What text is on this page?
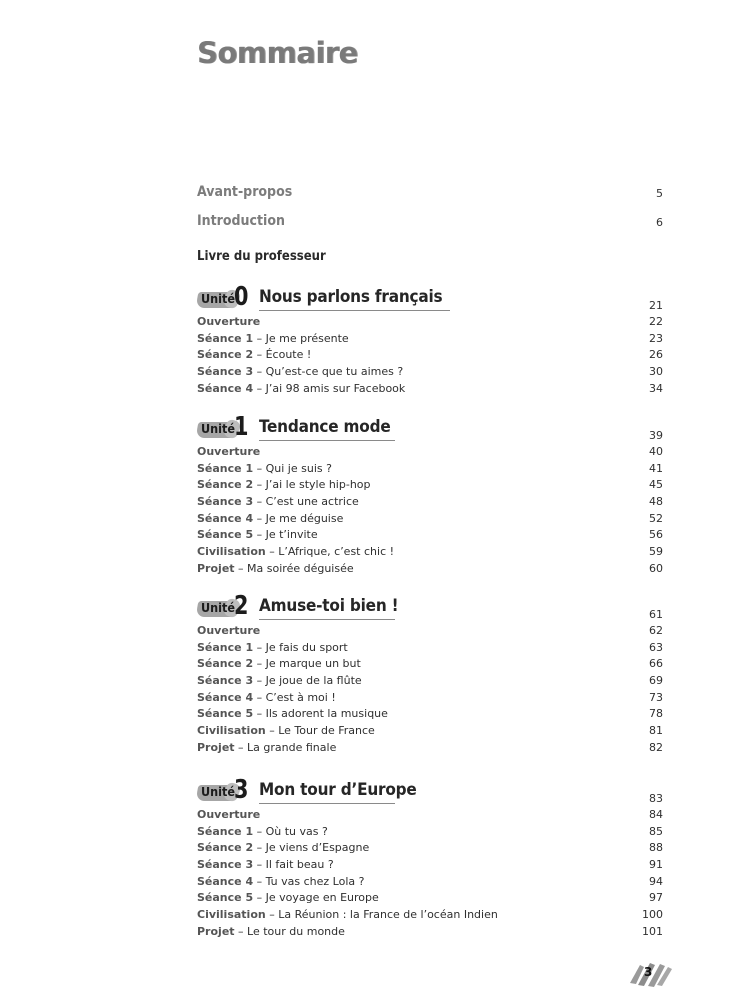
Sommaire
Avant-propos	5
Introduction	6
Livre du professeur
Unité 0 Nous parlons français	21
Ouverture	22
Séance 1 – Je me présente	23
Séance 2 – Écoute !	26
Séance 3 – Qu’est-ce que tu aimes ?	30
Séance 4 – J’ai 98 amis sur Facebook	34
Unité 1 Tendance mode	39
Ouverture	40
Séance 1 – Qui je suis ?	41
Séance 2 – J’ai le style hip-hop	45
Séance 3 – C’est une actrice	48
Séance 4 – Je me déguise	52
Séance 5 – Je t’invite	56
Civilisation – L’Afrique, c’est chic !	59
Projet – Ma soirée déguisée	60
Unité 2 Amuse-toi bien !	61
Ouverture	62
Séance 1 – Je fais du sport	63
Séance 2 – Je marque un but	66
Séance 3 – Je joue de la flûte	69
Séance 4 – C’est à moi !	73
Séance 5 – Ils adorent la musique	78
Civilisation – Le Tour de France	81
Projet – La grande finale	82
Unité 3 Mon tour d’Europe	83
Ouverture	84
Séance 1 – Où tu vas ?	85
Séance 2 – Je viens d’Espagne	88
Séance 3 – Il fait beau ?	91
Séance 4 – Tu vas chez Lola ?	94
Séance 5 – Je voyage en Europe	97
Civilisation – La Réunion : la France de l’océan Indien	100
Projet – Le tour du monde	101
3
